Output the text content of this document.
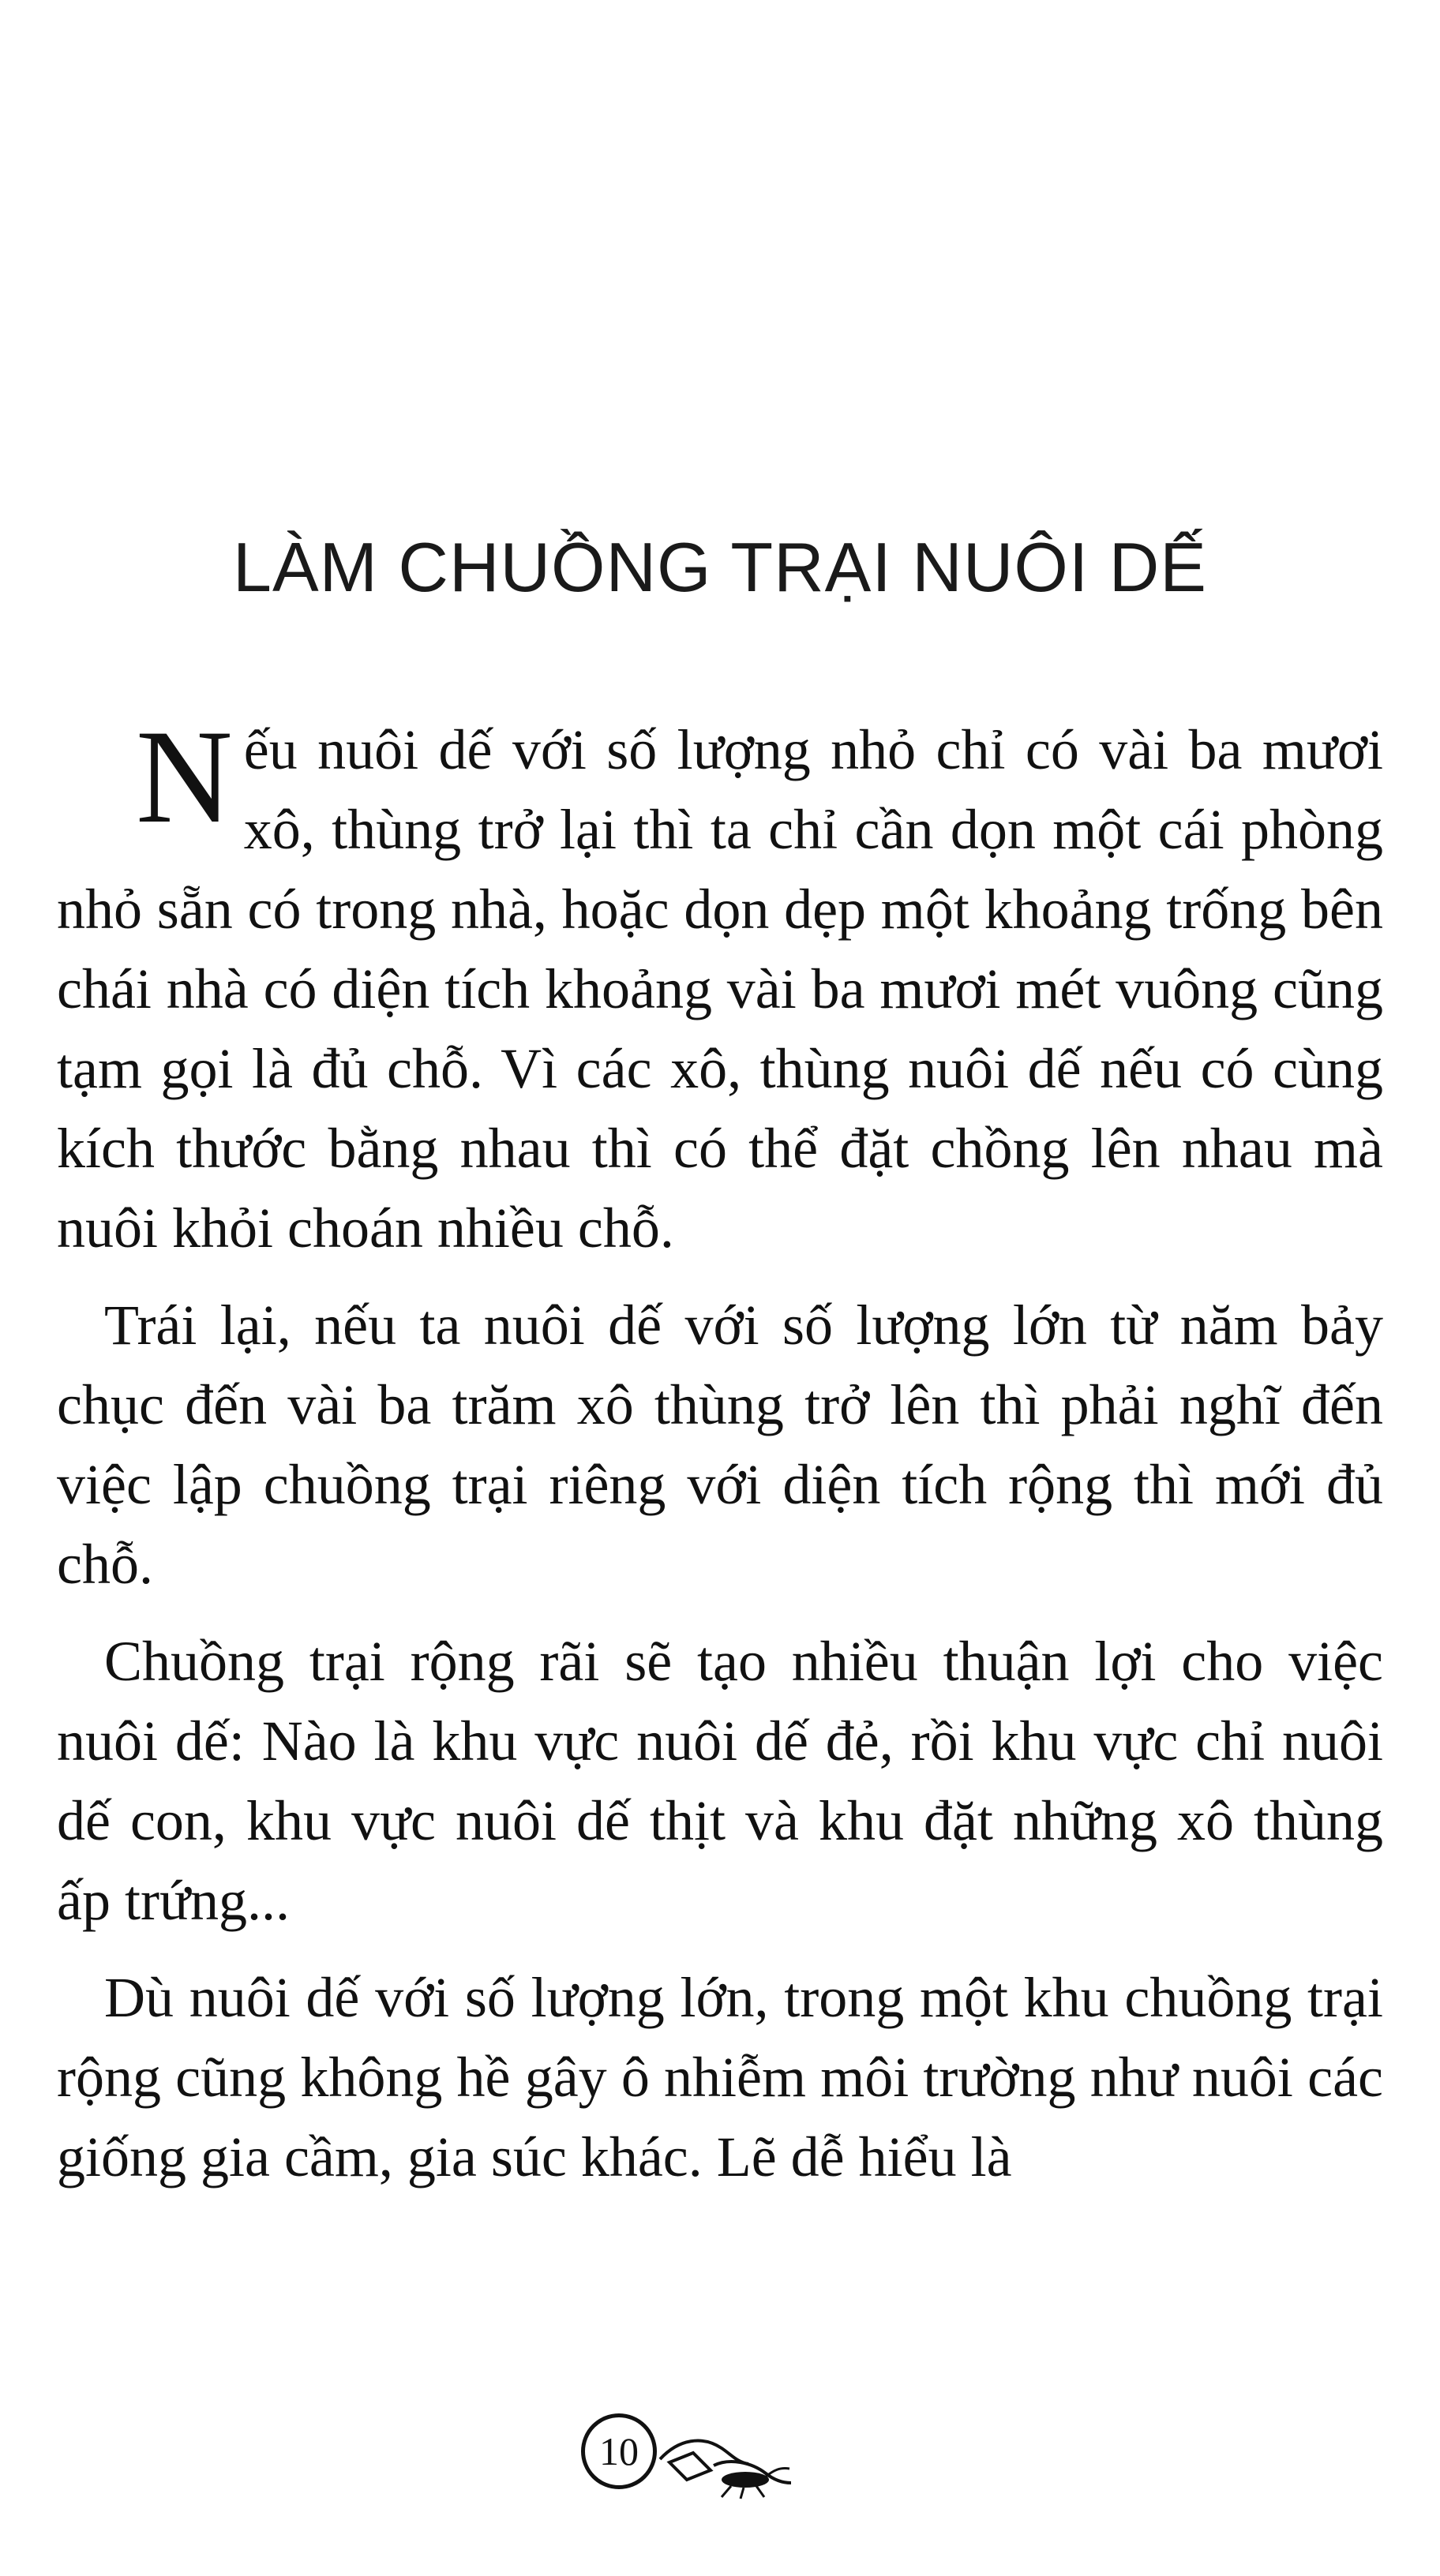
LÀM CHUỒNG TRẠI NUÔI DẾ

Nếu nuôi dế với số lượng nhỏ chỉ có vài ba mươi xô, thùng trở lại thì ta chỉ cần dọn một cái phòng nhỏ sẵn có trong nhà, hoặc dọn dẹp một khoảng trống bên chái nhà có diện tích khoảng vài ba mươi mét vuông cũng tạm gọi là đủ chỗ. Vì các xô, thùng nuôi dế nếu có cùng kích thước bằng nhau thì có thể đặt chồng lên nhau mà nuôi khỏi choán nhiều chỗ.

Trái lại, nếu ta nuôi dế với số lượng lớn từ năm bảy chục đến vài ba trăm xô thùng trở lên thì phải nghĩ đến việc lập chuồng trại riêng với diện tích rộng thì mới đủ chỗ.

Chuồng trại rộng rãi sẽ tạo nhiều thuận lợi cho việc nuôi dế: Nào là khu vực nuôi dế đẻ, rồi khu vực chỉ nuôi dế con, khu vực nuôi dế thịt và khu đặt những xô thùng ấp trứng...

Dù nuôi dế với số lượng lớn, trong một khu chuồng trại rộng cũng không hề gây ô nhiễm môi trường như nuôi các giống gia cầm, gia súc khác. Lẽ dễ hiểu là

10
